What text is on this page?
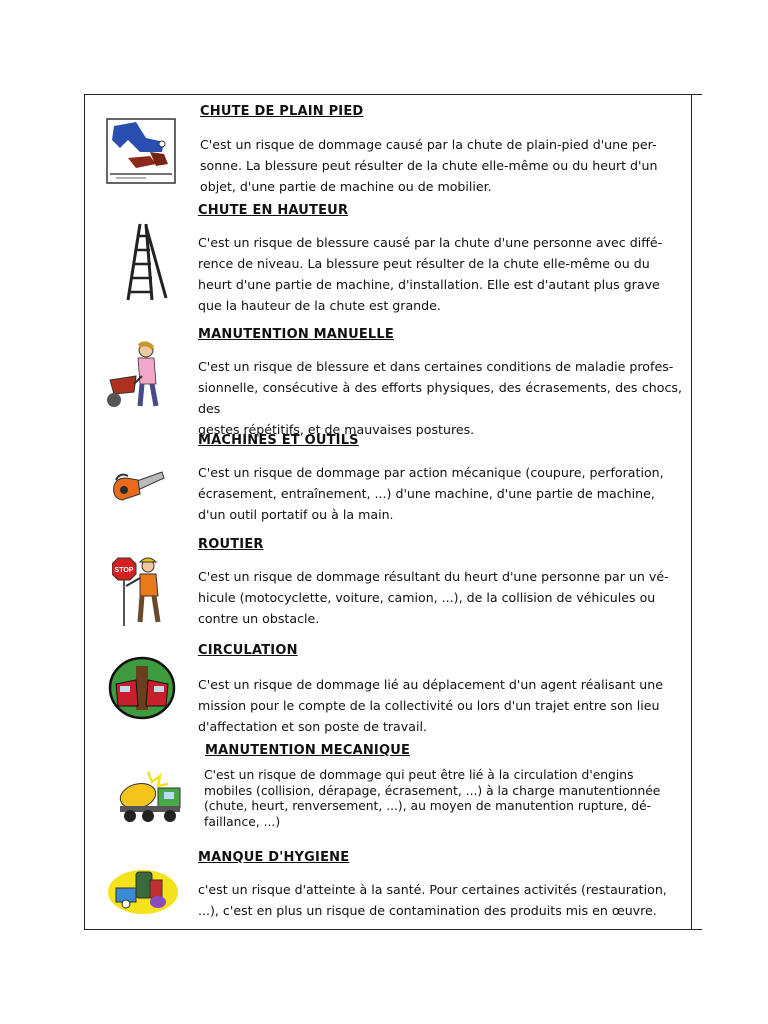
CHUTE DE PLAIN PIED
C'est un risque de dommage causé par la chute de plain-pied d'une per-
sonne. La blessure peut résulter de la chute elle-même ou du heurt d'un
objet, d'une partie de machine ou de mobilier.
CHUTE EN HAUTEUR
C'est un risque de blessure causé par la chute d'une personne avec diffé-
rence de niveau. La blessure peut résulter de la chute elle-même ou du
heurt d'une partie de machine, d'installation. Elle est d'autant plus grave
que la hauteur de la chute est grande.
MANUTENTION MANUELLE
C'est un risque de blessure et dans certaines conditions de maladie profes-
sionnelle, consécutive à des efforts physiques, des écrasements, des chocs, des
gestes répétitifs, et de mauvaises postures.
MACHINES ET OUTILS
C'est un risque de dommage par action mécanique (coupure, perforation,
écrasement, entraînement, ...) d'une machine, d'une partie de machine,
d'un outil portatif ou à la main.
STOP
ROUTIER
C'est un risque de dommage résultant du heurt d'une personne par un vé-
hicule (motocyclette, voiture, camion, ...), de la collision de véhicules ou
contre un obstacle.
CIRCULATION
C'est un risque de dommage lié au déplacement d'un agent réalisant une
mission pour le compte de la collectivité ou lors d'un trajet entre son lieu
d'affectation et son poste de travail.
MANUTENTION MECANIQUE
C'est un risque de dommage qui peut être lié à la circulation d'engins
mobiles (collision, dérapage, écrasement, ...) à la charge manutentionnée
(chute, heurt, renversement, ...), au moyen de manutention rupture, dé-
faillance, ...)
MANQUE D'HYGIENE
c'est un risque d'atteinte à la santé. Pour certaines activités (restauration,
...), c'est en plus un risque de contamination des produits mis en œuvre.
